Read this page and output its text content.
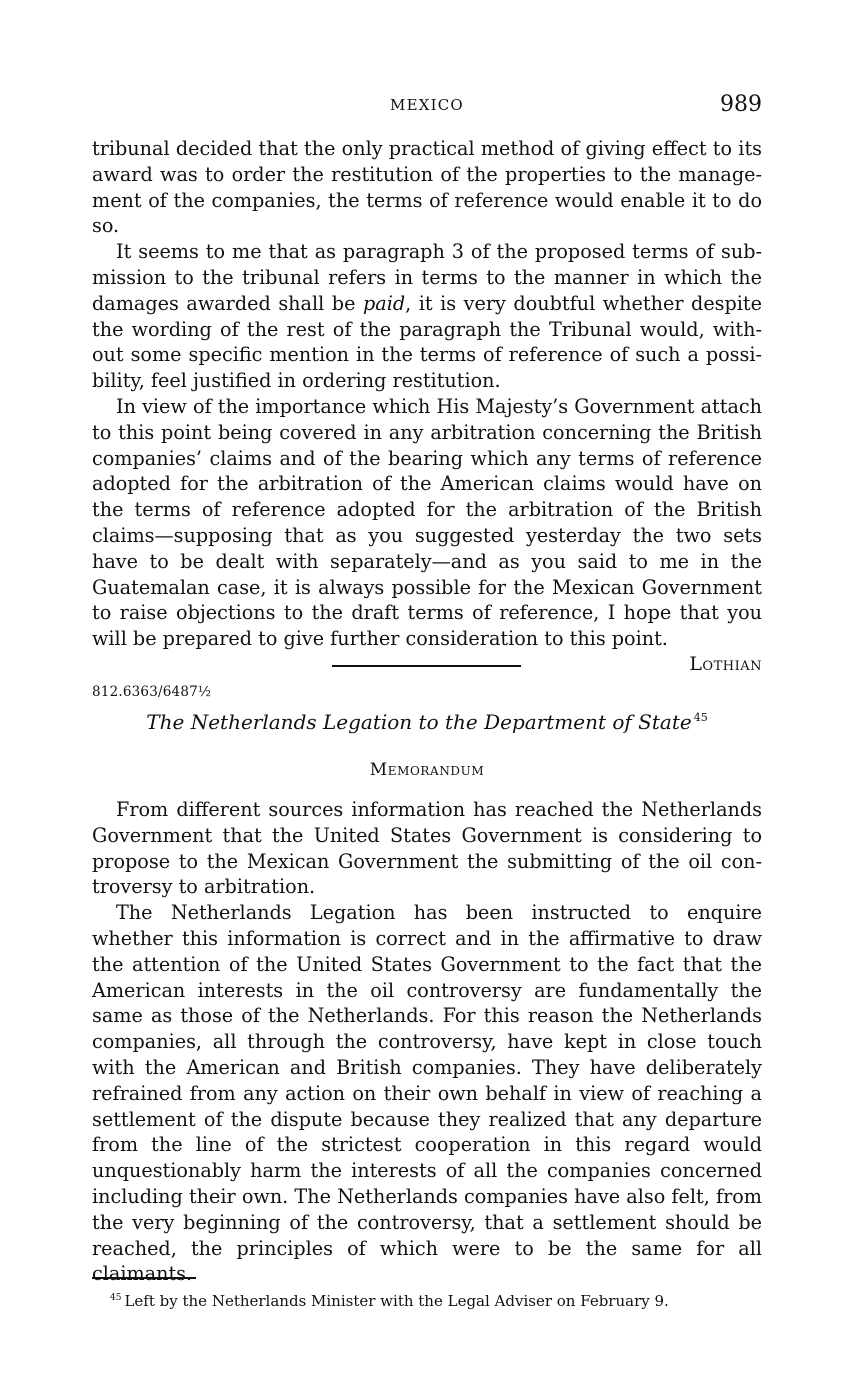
MEXICO	989

tribunal decided that the only practical method of giving effect to its award was to order the restitution of the properties to the management of the companies, the terms of reference would enable it to do so.

It seems to me that as paragraph 3 of the proposed terms of submission to the tribunal refers in terms to the manner in which the damages awarded shall be paid, it is very doubtful whether despite the wording of the rest of the paragraph the Tribunal would, without some specific mention in the terms of reference of such a possibility, feel justified in ordering restitution.

In view of the importance which His Majesty’s Government attach to this point being covered in any arbitration concerning the British companies’ claims and of the bearing which any terms of reference adopted for the arbitration of the American claims would have on the terms of reference adopted for the arbitration of the British claims—supposing that as you suggested yesterday the two sets have to be dealt with separately—and as you said to me in the Guatemalan case, it is always possible for the Mexican Government to raise objections to the draft terms of reference, I hope that you will be prepared to give further consideration to this point.

Lothian

812.6363/6487½
The Netherlands Legation to the Department of State $^{45}$
Memorandum

From different sources information has reached the Netherlands Government that the United States Government is considering to propose to the Mexican Government the submitting of the oil controversy to arbitration.

The Netherlands Legation has been instructed to enquire whether this information is correct and in the affirmative to draw the attention of the United States Government to the fact that the American interests in the oil controversy are fundamentally the same as those of the Netherlands. For this reason the Netherlands companies, all through the controversy, have kept in close touch with the American and British companies. They have deliberately refrained from any action on their own behalf in view of reaching a settlement of the dispute because they realized that any departure from the line of the strictest cooperation in this regard would unquestionably harm the interests of all the companies concerned including their own. The Netherlands companies have also felt, from the very beginning of the controversy, that a settlement should be reached, the principles of which were to be the same for all claimants.

$^{45}$ Left by the Netherlands Minister with the Legal Adviser on February 9.
